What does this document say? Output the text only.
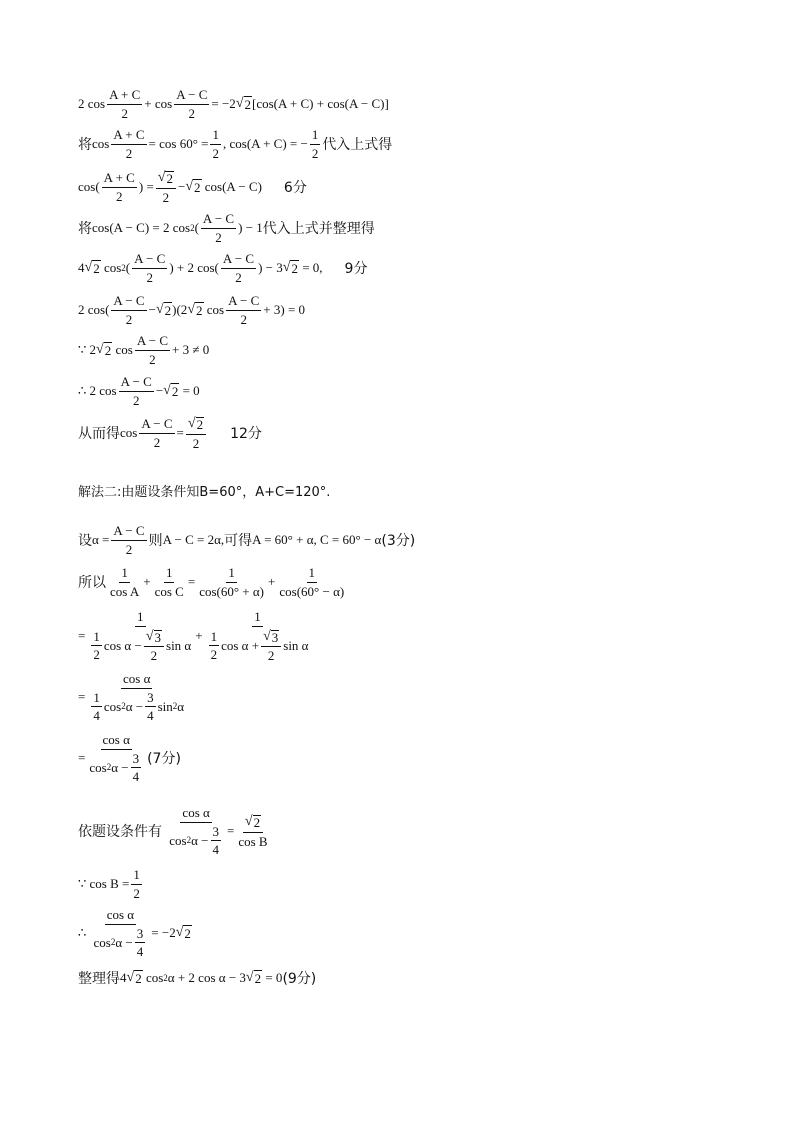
2 $\cos \frac{A + C}{2} + \cos \frac{A - C}{2} = -2$ √ 2 [cos(A + C) + cos(A − C)]
将 $\cos \frac{A + C}{2} = \cos 60^\circ = \frac{1}{2}$ , cos(A + C) = − $\frac{1}{2}$ 代入上式得
$\cos( \frac{A + C}{2}$ ) = $\frac{√ 2}{2}$ − √ 2 cos(A − C) 6分
将 cos(A − C) = 2 cos 2 ( $\frac{A - C}{2}$ ) − 1 代入上式并整理得
4 √ 2 cos 2 ( $\frac{A - C}{2}$ ) + 2 $\cos( \frac{A - C}{2}$ ) − 3 √ 2 = 0, 9分
2 $\cos( \frac{A - C}{2}$ − √ 2 )(2 √ 2 $\cos \frac{A - C}{2} + 3) = 0$
∵ 2 √ 2 $\cos \frac{A - C}{2} + 3 \ne 0$
∴ 2 $\cos \frac{A - C}{2}$ − √ 2 = 0
从而得 $\cos \frac{A - C}{2} = \frac{√ 2}{2} 12$分
解法二:由题设条件知B=60°，A+C=120°.
设 $\alpha = \frac{A - C}{2}$ 则 A − C = 2α, 可得 A = 60° + α, C = 60° − α (3分)
所以 $\frac{1}{\text{cos A}} + \frac{1}{\text{cos C}} = \frac{1}{\cos(60^\circ + \alpha)} + \frac{1}{\cos(60^\circ - \alpha)}$
= $\frac{1}{\frac{1}{2} \cos \alpha - \frac{√ 3}{2} \sin \alpha} + \frac{1}{\frac{1}{2} \cos \alpha + \frac{√ 3}{2} \sin \alpha}$
= $\frac{\text{cos α}}{\frac{1}{4} \cos 2 \alpha - \frac{3}{4} \sin 2 \alpha}$
= $\frac{\text{cos α}}{\cos 2 \alpha - \frac{3}{4}} (7$分)
依题设条件有
$\frac{\text{cos α}}{\cos 2 \alpha - \frac{3}{4}} = \frac{√ 2}{\text{cos B}}$
∵ $\cos B = \frac{1}{2}$
∴
$\frac{\text{cos α}}{\cos 2 \alpha - \frac{3}{4}} = -2$ √ 2
整理得 4 √ 2 cos 2 α + 2 cos α − 3 √ 2 = 0 (9分)
